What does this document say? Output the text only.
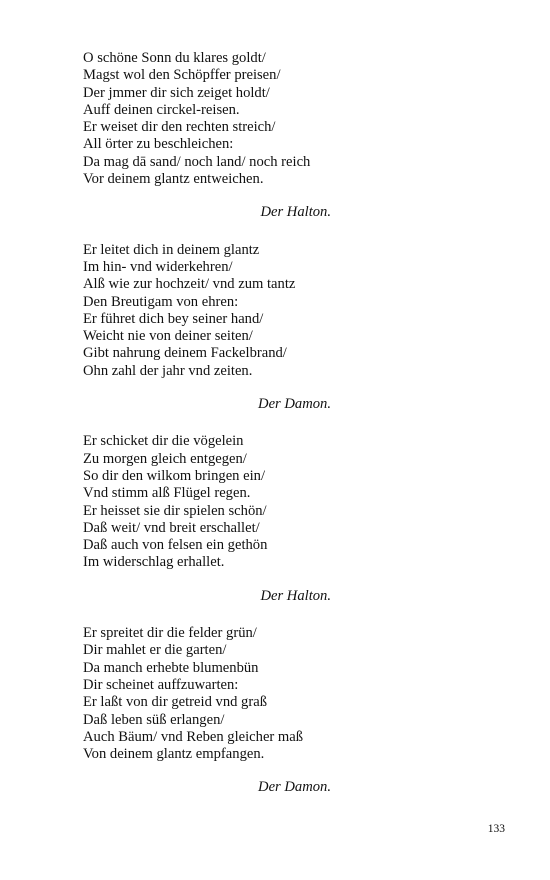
O schöne Sonn du klares goldt/
Magst wol den Schöpffer preisen/
Der jmmer dir sich zeiget holdt/
Auff deinen circkel-reisen.
Er weiset dir den rechten streich/
All örter zu beschleichen:
Da mag dā sand/ noch land/ noch reich
Vor deinem glantz entweichen.
Der Halton.
Er leitet dich in deinem glantz
Im hin- vnd widerkehren/
Alß wie zur hochzeit/ vnd zum tantz
Den Breutigam von ehren:
Er führet dich bey seiner hand/
Weicht nie von deiner seiten/
Gibt nahrung deinem Fackelbrand/
Ohn zahl der jahr vnd zeiten.
Der Damon.
Er schicket dir die vögelein
Zu morgen gleich entgegen/
So dir den wilkom bringen ein/
Vnd stimm alß Flügel regen.
Er heisset sie dir spielen schön/
Daß weit/ vnd breit erschallet/
Daß auch von felsen ein gethön
Im widerschlag erhallet.
Der Halton.
Er spreitet dir die felder grün/
Dir mahlet er die garten/
Da manch erhebte blumenbün
Dir scheinet auffzuwarten:
Er laßt von dir getreid vnd graß
Daß leben süß erlangen/
Auch Bäum/ vnd Reben gleicher maß
Von deinem glantz empfangen.
Der Damon.
133
